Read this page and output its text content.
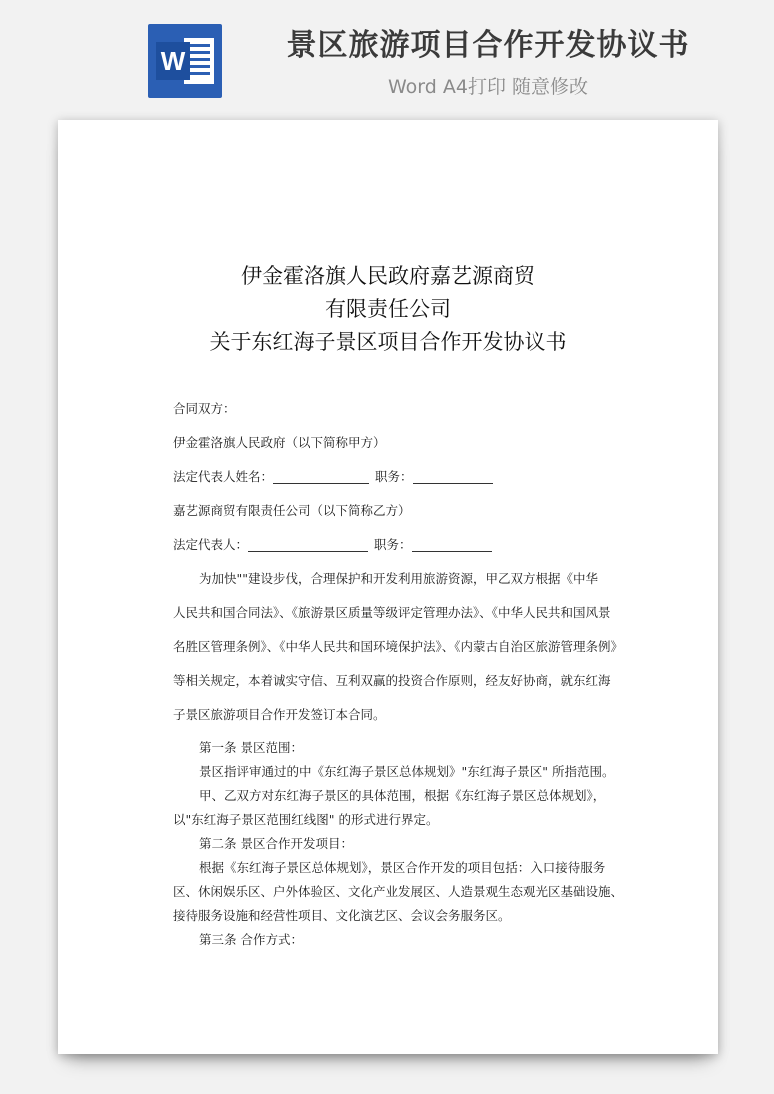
W	景区旅游项目合作开发协议书
Word A4打印 随意修改
伊金霍洛旗人民政府嘉艺源商贸
有限责任公司
关于东红海子景区项目合作开发协议书
合同双方：
伊金霍洛旗人民政府（以下简称甲方）
法定代表人姓名：	职务：
嘉艺源商贸有限责任公司（以下简称乙方）
法定代表人：	职务：
为加快""建设步伐，合理保护和开发利用旅游资源，甲乙双方根据《中华
人民共和国合同法》、《旅游景区质量等级评定管理办法》、《中华人民共和国风景
名胜区管理条例》、《中华人民共和国环境保护法》、《内蒙古自治区旅游管理条例》
等相关规定，本着诚实守信、互利双赢的投资合作原则，经友好协商，就东红海
子景区旅游项目合作开发签订本合同。
第一条 景区范围：
景区指评审通过的中《东红海子景区总体规划》"东红海子景区" 所指范围。
甲、乙双方对东红海子景区的具体范围，根据《东红海子景区总体规划》，
以"东红海子景区范围红线图" 的形式进行界定。
第二条 景区合作开发项目：
根据《东红海子景区总体规划》，景区合作开发的项目包括：入口接待服务
区、休闲娱乐区、户外体验区、文化产业发展区、人造景观生态观光区基础设施、
接待服务设施和经营性项目、文化演艺区、会议会务服务区。
第三条 合作方式：
